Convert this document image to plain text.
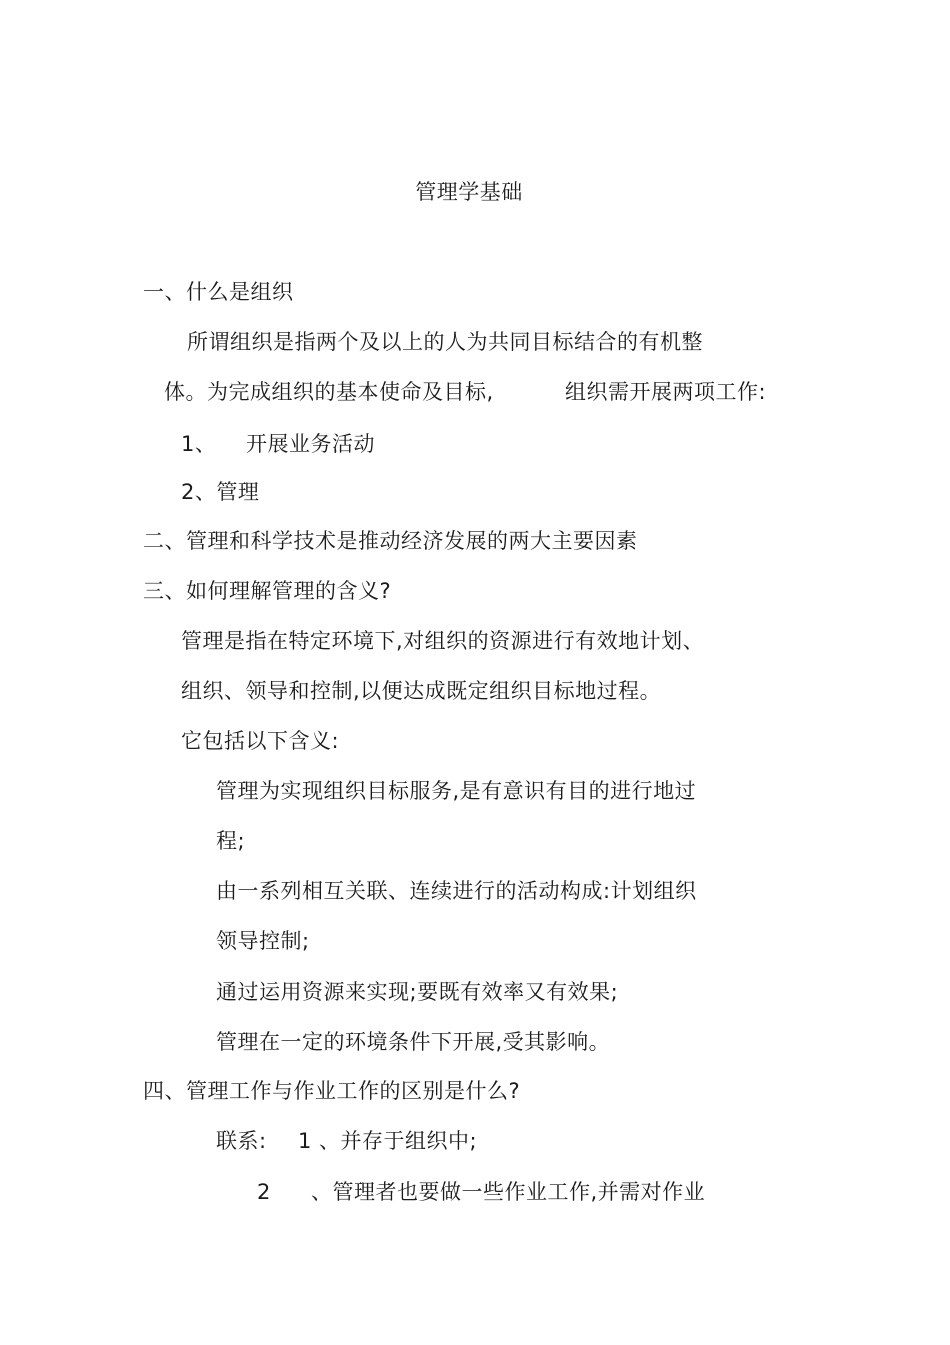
管理学基础
一、什么是组织
所谓组织是指两个及以上的人为共同目标结合的有机整
体。为完成组织的基本使命及目标,	组织需开展两项工作:
1、 开展业务活动
2、管理
二、管理和科学技术是推动经济发展的两大主要因素
三、如何理解管理的含义?
管理是指在特定环境下,对组织的资源进行有效地计划、
组织、领导和控制,以便达成既定组织目标地过程。
它包括以下含义:
管理为实现组织目标服务,是有意识有目的进行地过
程;
由一系列相互关联、连续进行的活动构成:计划组织
领导控制;
通过运用资源来实现;要既有效率又有效果;
管理在一定的环境条件下开展,受其影响。
四、管理工作与作业工作的区别是什么?
联系: 1 、并存于组织中;
2 、管理者也要做一些作业工作,并需对作业
